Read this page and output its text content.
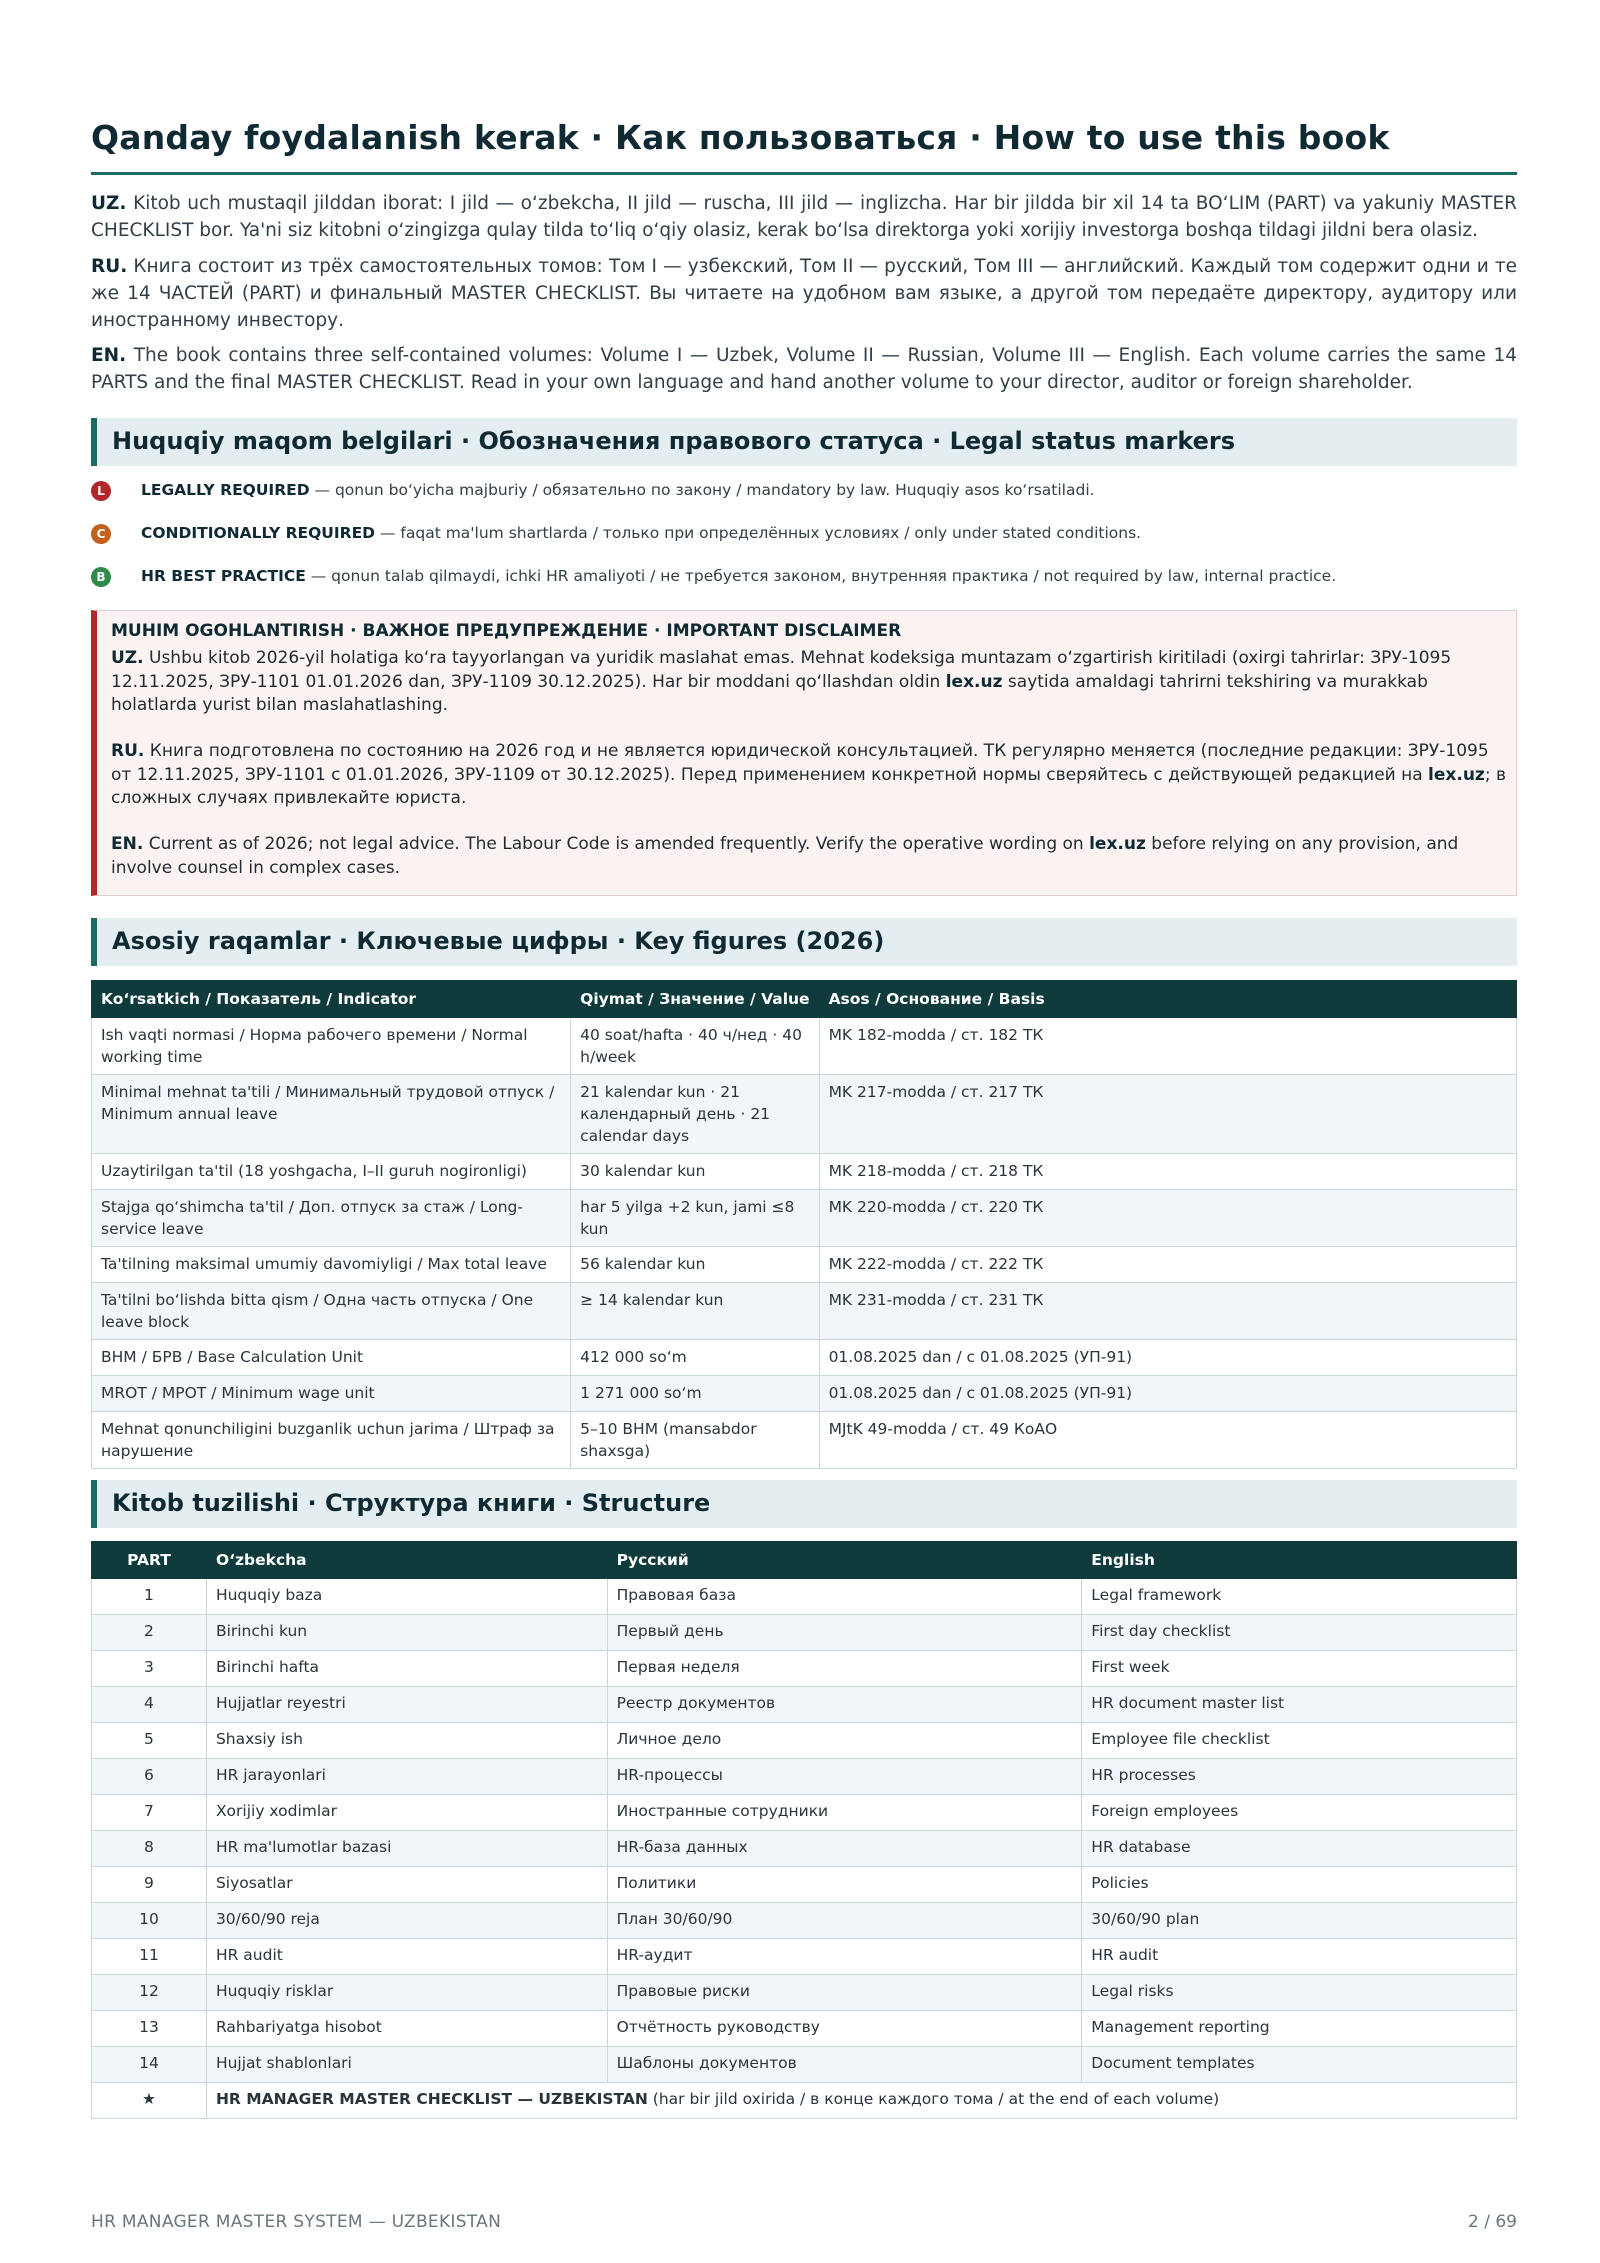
Qanday foydalanish kerak · Как пользоваться · How to use this book

UZ. Kitob uch mustaqil jilddan iborat: I jild — o‘zbekcha, II jild — ruscha, III jild — inglizcha. Har bir jildda bir xil 14 ta BO‘LIM (PART) va yakuniy MASTER CHECKLIST bor. Ya'ni siz kitobni o‘zingizga qulay tilda to‘liq o‘qiy olasiz, kerak bo‘lsa direktorga yoki xorijiy investorga boshqa tildagi jildni bera olasiz.

RU. Книга состоит из трёх самостоятельных томов: Том I — узбекский, Том II — русский, Том III — английский. Каждый том содержит одни и те же 14 ЧАСТЕЙ (PART) и финальный MASTER CHECKLIST. Вы читаете на удобном вам языке, а другой том передаёте директору, аудитору или иностранному инвестору.

EN. The book contains three self-contained volumes: Volume I — Uzbek, Volume II — Russian, Volume III — English. Each volume carries the same 14 PARTS and the final MASTER CHECKLIST. Read in your own language and hand another volume to your director, auditor or foreign shareholder.

Huquqiy maqom belgilari · Обозначения правового статуса · Legal status markers
L	LEGALLY REQUIRED — qonun bo‘yicha majburiy / обязательно по закону / mandatory by law. Huquqiy asos ko‘rsatiladi.
C	CONDITIONALLY REQUIRED — faqat ma'lum shartlarda / только при определённых условиях / only under stated conditions.
B	HR BEST PRACTICE — qonun talab qilmaydi, ichki HR amaliyoti / не требуется законом, внутренняя практика / not required by law, internal practice.
MUHIM OGOHLANTIRISH · ВАЖНОЕ ПРЕДУПРЕЖДЕНИЕ · IMPORTANT DISCLAIMER

UZ. Ushbu kitob 2026-yil holatiga ko‘ra tayyorlangan va yuridik maslahat emas. Mehnat kodeksiga muntazam o‘zgartirish kiritiladi (oxirgi tahrirlar: ЗРУ-1095 12.11.2025, ЗРУ-1101 01.01.2026 dan, ЗРУ-1109 30.12.2025). Har bir moddani qo‘llashdan oldin lex.uz saytida amaldagi tahrirni tekshiring va murakkab holatlarda yurist bilan maslahatlashing.

RU. Книга подготовлена по состоянию на 2026 год и не является юридической консультацией. ТК регулярно меняется (последние редакции: ЗРУ-1095 от 12.11.2025, ЗРУ-1101 с 01.01.2026, ЗРУ-1109 от 30.12.2025). Перед применением конкретной нормы сверяйтесь с действующей редакцией на lex.uz; в сложных случаях привлекайте юриста.

EN. Current as of 2026; not legal advice. The Labour Code is amended frequently. Verify the operative wording on lex.uz before relying on any provision, and involve counsel in complex cases.

Asosiy raqamlar · Ключевые цифры · Key figures (2026)
Ko‘rsatkich / Показатель / Indicator	Qiymat / Значение / Value	Asos / Основание / Basis
Ish vaqti normasi / Норма рабочего времени / Normal working time	40 soat/hafta · 40 ч/нед · 40 h/week	MK 182-modda / ст. 182 ТК
Minimal mehnat ta'tili / Минимальный трудовой отпуск / Minimum annual leave	21 kalendar kun · 21 календарный день · 21 calendar days	MK 217-modda / ст. 217 ТК
Uzaytirilgan ta'til (18 yoshgacha, I–II guruh nogironligi)	30 kalendar kun	MK 218-modda / ст. 218 ТК
Stajga qo‘shimcha ta'til / Доп. отпуск за стаж / Long-service leave	har 5 yilga +2 kun, jami ≤8 kun	MK 220-modda / ст. 220 ТК
Ta'tilning maksimal umumiy davomiyligi / Max total leave	56 kalendar kun	MK 222-modda / ст. 222 ТК
Ta'tilni bo‘lishda bitta qism / Одна часть отпуска / One leave block	≥ 14 kalendar kun	MK 231-modda / ст. 231 ТК
BHM / БРВ / Base Calculation Unit	412 000 so‘m	01.08.2025 dan / с 01.08.2025 (УП-91)
MROT / МРОТ / Minimum wage unit	1 271 000 so‘m	01.08.2025 dan / с 01.08.2025 (УП-91)
Mehnat qonunchiligini buzganlik uchun jarima / Штраф за нарушение	5–10 BHM (mansabdor shaxsga)	MJtK 49-modda / ст. 49 КоАО
Kitob tuzilishi · Структура книги · Structure
PART	O‘zbekcha	Русский	English
1	Huquqiy baza	Правовая база	Legal framework
2	Birinchi kun	Первый день	First day checklist
3	Birinchi hafta	Первая неделя	First week
4	Hujjatlar reyestri	Реестр документов	HR document master list
5	Shaxsiy ish	Личное дело	Employee file checklist
6	HR jarayonlari	HR-процессы	HR processes
7	Xorijiy xodimlar	Иностранные сотрудники	Foreign employees
8	HR ma'lumotlar bazasi	HR-база данных	HR database
9	Siyosatlar	Политики	Policies
10	30/60/90 reja	План 30/60/90	30/60/90 plan
11	HR audit	HR-аудит	HR audit
12	Huquqiy risklar	Правовые риски	Legal risks
13	Rahbariyatga hisobot	Отчётность руководству	Management reporting
14	Hujjat shablonlari	Шаблоны документов	Document templates
★	HR MANAGER MASTER CHECKLIST — UZBEKISTAN (har bir jild oxirida / в конце каждого тома / at the end of each volume)		
HR MANAGER MASTER SYSTEM — UZBEKISTAN	2 / 69
